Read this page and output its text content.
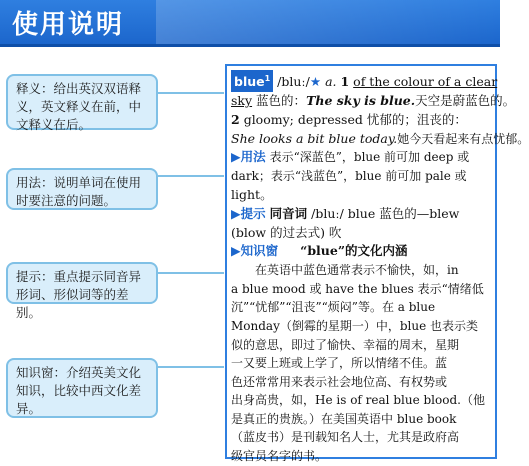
使用说明
释义：给出英汉双语释义，英文释义在前，中文释义在后。
用法：说明单词在使用时要注意的问题。
提示：重点提示同音异形词、形似词等的差别。
知识窗：介绍英美文化知识，比较中西文化差异。
blue$^1$ /bluː/★ a. 1 of the colour of a clear
sky 蓝色的：The sky is blue.天空是蔚蓝色的。
2 gloomy; depressed 忧郁的；沮丧的：
She looks a bit blue today.她今天看起来有点忧郁。
▶用法 表示“深蓝色”，blue 前可加 deep 或
dark；表示“浅蓝色”，blue 前可加 pale 或
light。
▶提示 同音词 /bluː/ blue 蓝色的—blew
(blow 的过去式) 吹
▶知识窗 “blue”的文化内涵
在英语中蓝色通常表示不愉快，如，in
a blue mood 或 have the blues 表示“情绪低
沉”“忧郁”“沮丧”“烦闷”等。在 a blue
Monday（倒霉的星期一）中，blue 也表示类
似的意思，即过了愉快、幸福的周末，星期
一又要上班或上学了，所以情绪不佳。蓝
色还常常用来表示社会地位高、有权势或
出身高贵，如，He is of real blue blood.（他
是真正的贵族。）在美国英语中 blue book
（蓝皮书）是刊载知名人士，尤其是政府高
级官员名字的书。
